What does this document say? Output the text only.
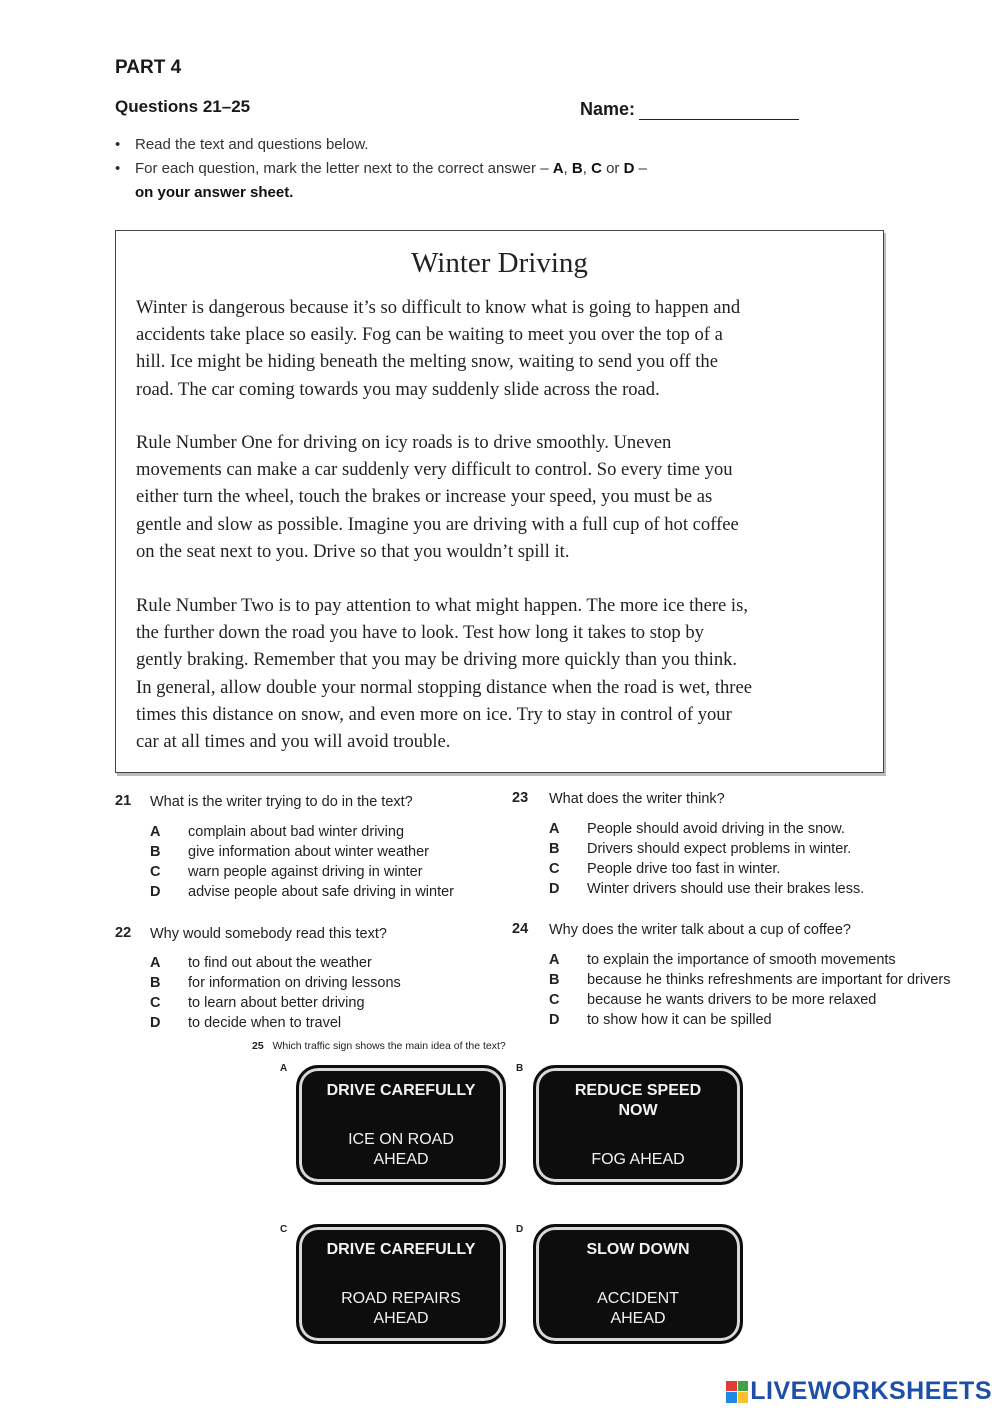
PART 4
Questions 21–25	Name:
• Read the text and questions below.
• For each question, mark the letter next to the correct answer – A, B, C or D –
on your answer sheet.
Winter Driving
Winter is dangerous because it’s so difficult to know what is going to happen and
accidents take place so easily. Fog can be waiting to meet you over the top of a
hill. Ice might be hiding beneath the melting snow, waiting to send you off the
road. The car coming towards you may suddenly slide across the road.
Rule Number One for driving on icy roads is to drive smoothly. Uneven
movements can make a car suddenly very difficult to control. So every time you
either turn the wheel, touch the brakes or increase your speed, you must be as
gentle and slow as possible. Imagine you are driving with a full cup of hot coffee
on the seat next to you. Drive so that you wouldn’t spill it.
Rule Number Two is to pay attention to what might happen. The more ice there is,
the further down the road you have to look. Test how long it takes to stop by
gently braking. Remember that you may be driving more quickly than you think.
In general, allow double your normal stopping distance when the road is wet, three
times this distance on snow, and even more on ice. Try to stay in control of your
car at all times and you will avoid trouble.
21 What is the writer trying to do in the text?
A	complain about bad winter driving
B	give information about winter weather
C	warn people against driving in winter
D	advise people about safe driving in winter
22 Why would somebody read this text?
A	to find out about the weather
B	for information on driving lessons
C	to learn about better driving
D	to decide when to travel
23 What does the writer think?
A	People should avoid driving in the snow.
B	Drivers should expect problems in winter.
C	People drive too fast in winter.
D	Winter drivers should use their brakes less.
24 Why does the writer talk about a cup of coffee?
A	to explain the importance of smooth movements
B	because he thinks refreshments are important for drivers
C	because he wants drivers to be more relaxed
D	to show how it can be spilled
25 Which traffic sign shows the main idea of the text?
A
DRIVE CAREFULLY
ICE ON ROAD
AHEAD
B
REDUCE SPEED
NOW
FOG AHEAD
C
DRIVE CAREFULLY
ROAD REPAIRS
AHEAD
D
SLOW DOWN
ACCIDENT
AHEAD
LIVEWORKSHEETS
